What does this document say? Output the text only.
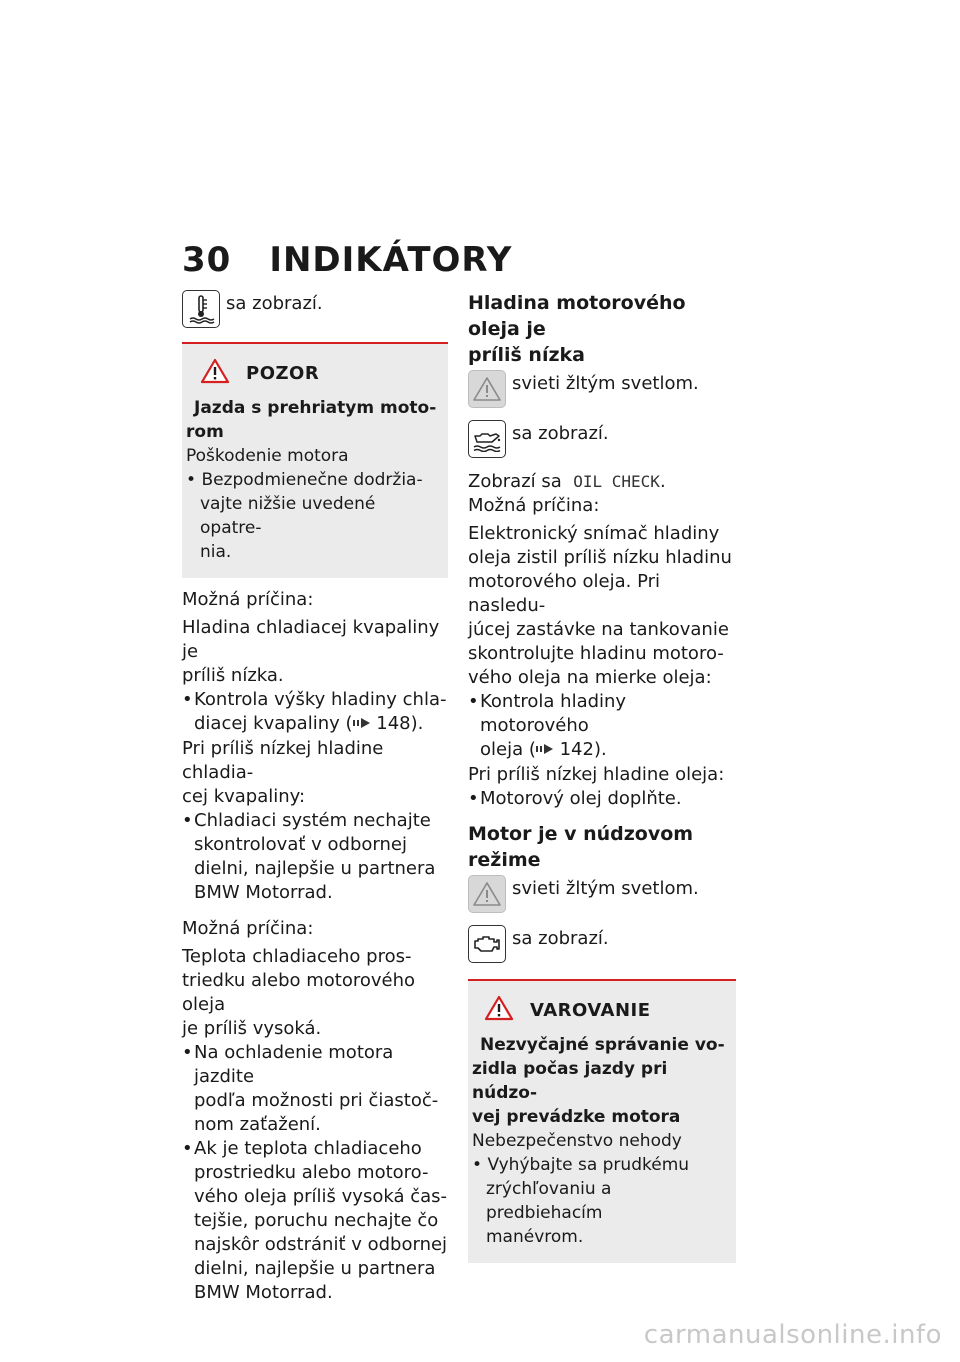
30 INDIKÁTORY
sa zobrazí.
POZOR
Jazda s prehriatym moto-
rom
Poškodenie motora
• Bezpodmienečne dodržia-
vajte nižšie uvedené opatre-
nia.

Možná príčina:

Hladina chladiacej kvapaliny je

príliš nízka.

• Kontrola výšky hladiny chla-
diacej kvapaliny ( 148).

Pri príliš nízkej hladine chladia-

cej kvapaliny:

• Chladiaci systém nechajte
skontrolovať v odbornej
dielni, najlepšie u partnera
BMW Motorrad.

Možná príčina:

Teplota chladiaceho pros-

triedku alebo motorového oleja

je príliš vysoká.

• Na ochladenie motora jazdite
podľa možnosti pri čiastoč-
nom zaťažení.
• Ak je teplota chladiaceho
prostriedku alebo motoro-
vého oleja príliš vysoká čas-
tejšie, poruchu nechajte čo
najskôr odstrániť v odbornej
dielni, najlepšie u partnera
BMW Motorrad.

Hladina motorového oleja je

príliš nízka

svieti žltým svetlom.
sa zobrazí.

Zobrazí sa OIL CHECK.

Možná príčina:

Elektronický snímač hladiny

oleja zistil príliš nízku hladinu

motorového oleja. Pri nasledu-

júcej zastávke na tankovanie

skontrolujte hladinu motoro-

vého oleja na mierke oleja:

• Kontrola hladiny motorového
oleja ( 142).

Pri príliš nízkej hladine oleja:

• Motorový olej doplňte.

Motor je v núdzovom režime

svieti žltým svetlom.
sa zobrazí.
VAROVANIE
Nezvyčajné správanie vo-
zidla počas jazdy pri núdzo-
vej prevádzke motora
Nebezpečenstvo nehody
• Vyhýbajte sa prudkému
zrýchľovaniu a predbiehacím
manévrom.
carmanualsonline.info
